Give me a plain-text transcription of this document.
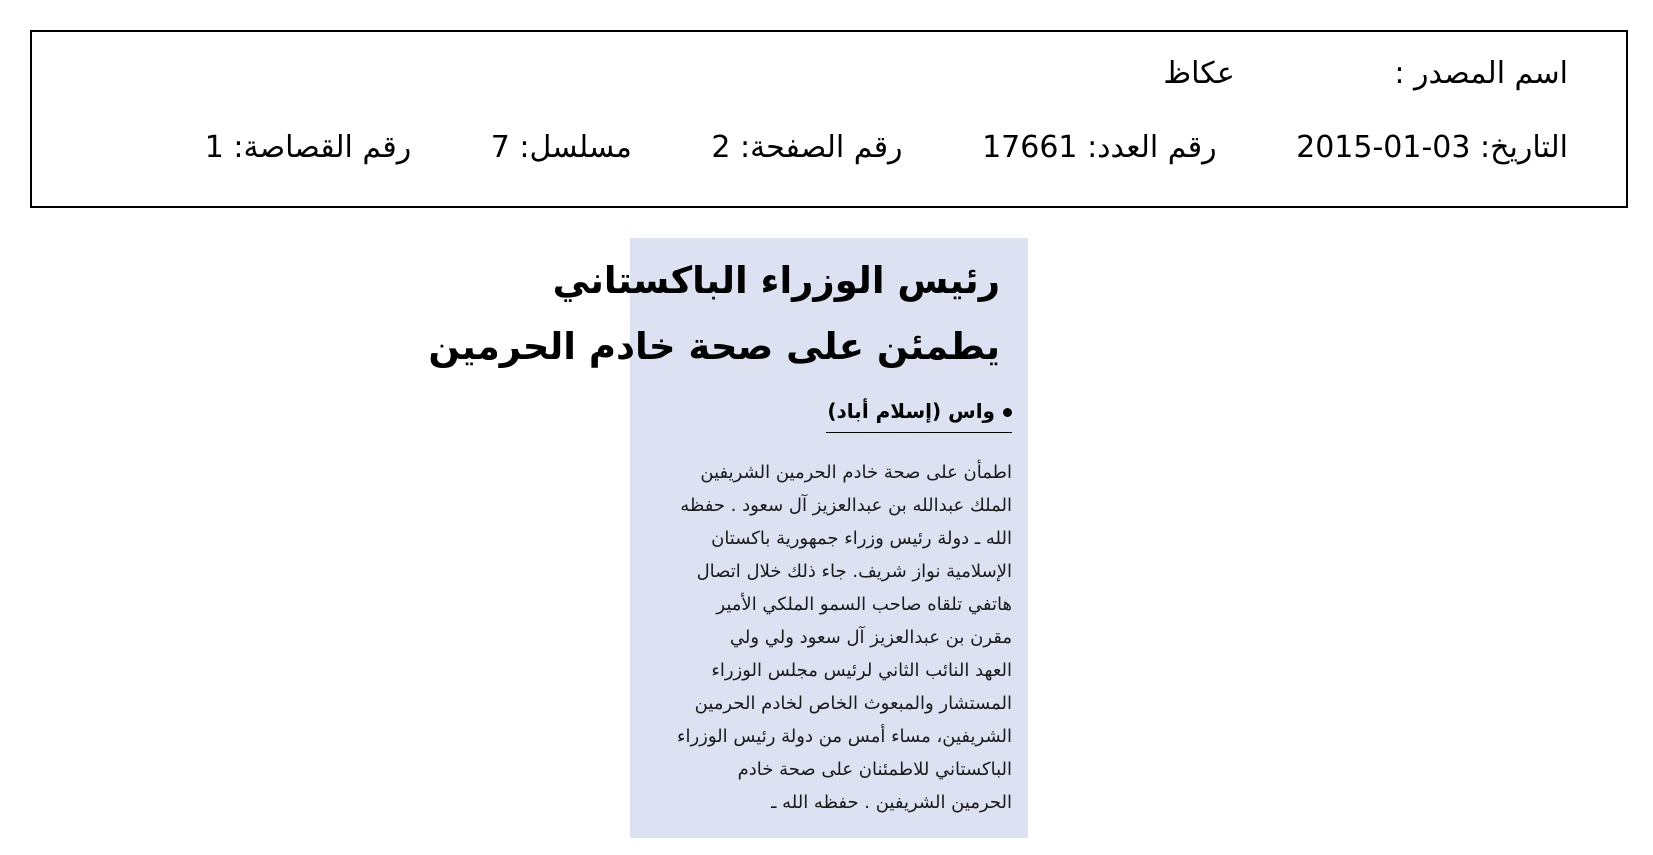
اسم المصدر : عكاظ
التاريخ: 2015-01-03 رقم العدد: 17661 رقم الصفحة: 2 مسلسل: 7 رقم القصاصة: 1
رئيس الوزراء الباكستاني
يطمئن على صحة خادم الحرمين
واس (إسلام أباد)
اطمأن على صحة خادم الحرمين الشريفين
الملك عبدالله بن عبدالعزيز آل سعود . حفظه
الله ـ دولة رئيس وزراء جمهورية باكستان
الإسلامية نواز شريف. جاء ذلك خلال اتصال
هاتفي تلقاه صاحب السمو الملكي الأمير
مقرن بن عبدالعزيز آل سعود ولي ولي
العهد النائب الثاني لرئيس مجلس الوزراء
المستشار والمبعوث الخاص لخادم الحرمين
الشريفين، مساء أمس من دولة رئيس الوزراء
الباكستاني للاطمئنان على صحة خادم
الحرمين الشريفين . حفظه الله ـ
